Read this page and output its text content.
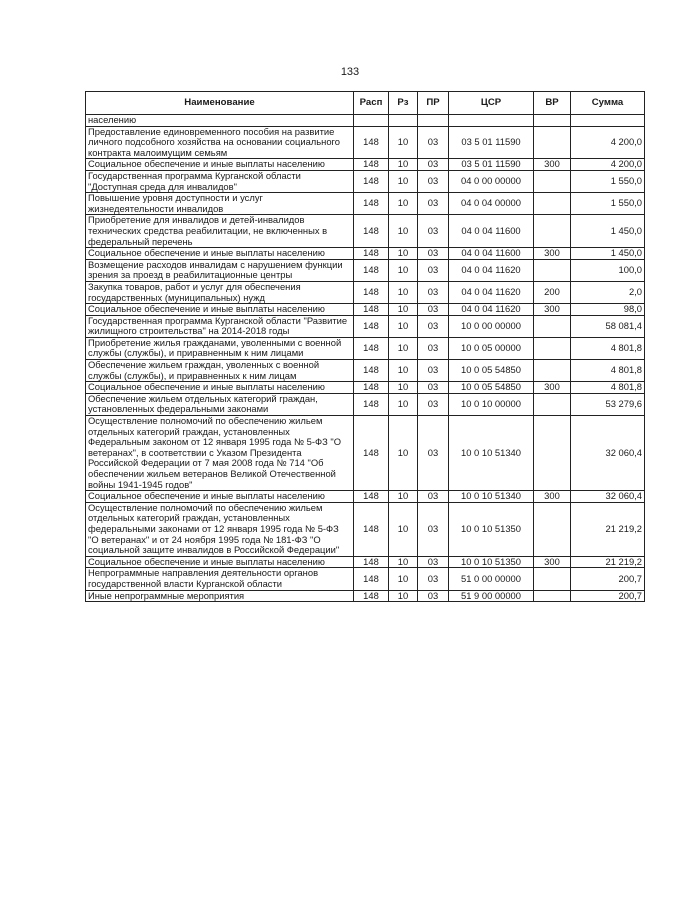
133
Наименование	Расп	Рз	ПР	ЦСР	ВР	Сумма
населению						
Предоставление единовременного пособия на развитие личного подсобного хозяйства на основании социального контракта малоимущим семьям	148	10	03	03 5 01 11590		4 200,0
Социальное обеспечение и иные выплаты населению	148	10	03	03 5 01 11590	300	4 200,0
Государственная программа Курганской области "Доступная среда для инвалидов"	148	10	03	04 0 00 00000		1 550,0
Повышение уровня доступности и услуг жизнедеятельности инвалидов	148	10	03	04 0 04 00000		1 550,0
Приобретение для инвалидов и детей-инвалидов технических средства реабилитации, не включенных в федеральный перечень	148	10	03	04 0 04 11600		1 450,0
Социальное обеспечение и иные выплаты населению	148	10	03	04 0 04 11600	300	1 450,0
Возмещение расходов инвалидам с нарушением функции зрения за проезд в реабилитационные центры	148	10	03	04 0 04 11620		100,0
Закупка товаров, работ и услуг для обеспечения государственных (муниципальных) нужд	148	10	03	04 0 04 11620	200	2,0
Социальное обеспечение и иные выплаты населению	148	10	03	04 0 04 11620	300	98,0
Государственная программа Курганской области "Развитие жилищного строительства" на 2014-2018 годы	148	10	03	10 0 00 00000		58 081,4
Приобретение жилья гражданами, уволенными с военной службы (службы), и приравненным к ним лицами	148	10	03	10 0 05 00000		4 801,8
Обеспечение жильем граждан, уволенных с военной службы (службы), и приравненных к ним лицам	148	10	03	10 0 05 54850		4 801,8
Социальное обеспечение и иные выплаты населению	148	10	03	10 0 05 54850	300	4 801,8
Обеспечение жильем отдельных категорий граждан, установленных федеральными законами	148	10	03	10 0 10 00000		53 279,6
Осуществление полномочий по обеспечению жильем отдельных категорий граждан, установленных Федеральным законом от 12 января 1995 года № 5-ФЗ "О ветеранах", в соответствии с Указом Президента Российской Федерации от 7 мая 2008 года № 714 "Об обеспечении жильем ветеранов Великой Отечественной войны 1941-1945 годов"	148	10	03	10 0 10 51340		32 060,4
Социальное обеспечение и иные выплаты населению	148	10	03	10 0 10 51340	300	32 060,4
Осуществление полномочий по обеспечению жильем отдельных категорий граждан, установленных федеральными законами от 12 января 1995 года № 5-ФЗ "О ветеранах" и от 24 ноября 1995 года № 181-ФЗ "О социальной защите инвалидов в Российской Федерации"	148	10	03	10 0 10 51350		21 219,2
Социальное обеспечение и иные выплаты населению	148	10	03	10 0 10 51350	300	21 219,2
Непрограммные направления деятельности органов государственной власти Курганской области	148	10	03	51 0 00 00000		200,7
Иные непрограммные мероприятия	148	10	03	51 9 00 00000		200,7
